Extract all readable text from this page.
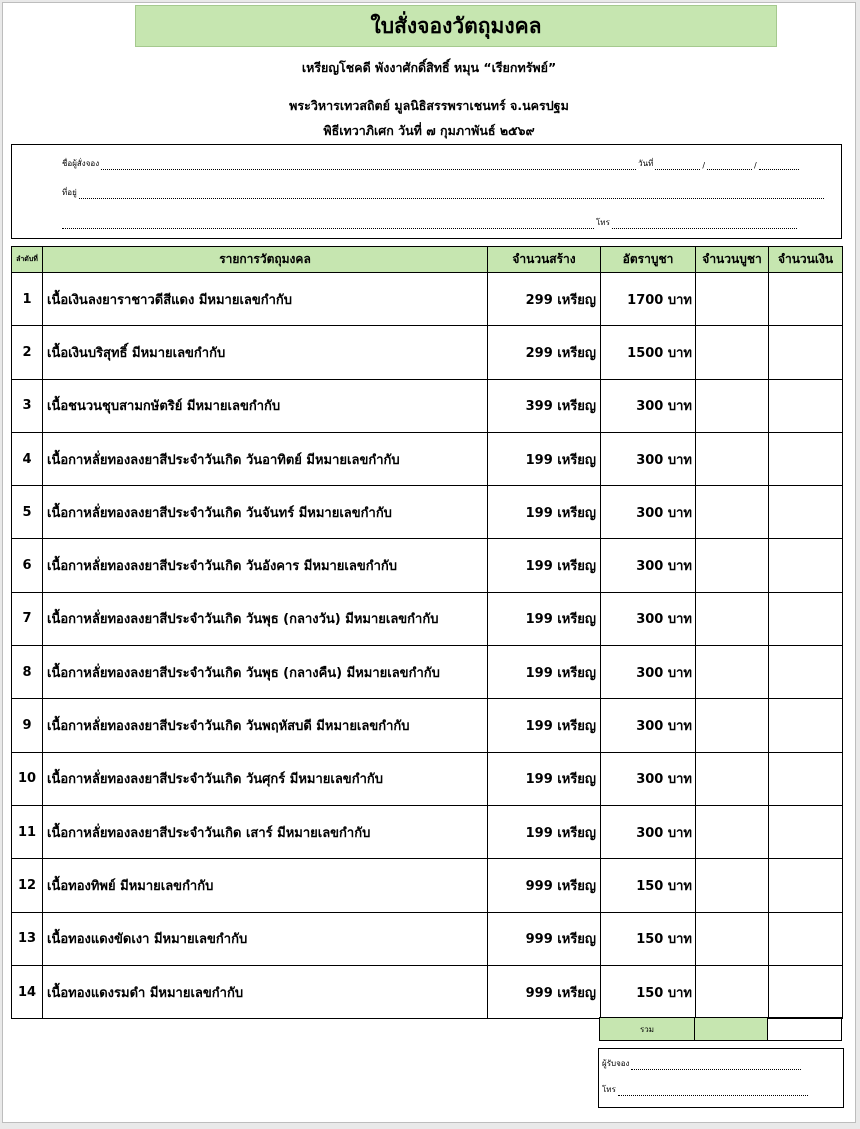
ใบสั่งจองวัตถุมงคล
เหรียญโชคดี พังงาศักดิ์สิทธิ์ หมุน “เรียกทรัพย์”
พระวิหารเทวสถิตย์ มูลนิธิสรรพราเชนทร์ จ.นครปฐม
พิธีเทวาภิเศก วันที่ ๗ กุมภาพันธ์ ๒๕๖๙
ชื่อผู้สั่งจอง	วันที่	/	/
ที่อยู่
โทร
ลำดับที่	รายการวัตถุมงคล	จำนวนสร้าง	อัตราบูชา	จำนวนบูชา	จำนวนเงิน
1	เนื้อเงินลงยาราชาวดีสีแดง มีหมายเลขกำกับ	299 เหรียญ	1700 บาท		
2	เนื้อเงินบริสุทธิ์ มีหมายเลขกำกับ	299 เหรียญ	1500 บาท		
3	เนื้อชนวนชุบสามกษัตริย์ มีหมายเลขกำกับ	399 เหรียญ	300 บาท		
4	เนื้อกาหลั่ยทองลงยาสีประจำวันเกิด วันอาทิตย์ มีหมายเลขกำกับ	199 เหรียญ	300 บาท		
5	เนื้อกาหลั่ยทองลงยาสีประจำวันเกิด วันจันทร์ มีหมายเลขกำกับ	199 เหรียญ	300 บาท		
6	เนื้อกาหลั่ยทองลงยาสีประจำวันเกิด วันอังคาร มีหมายเลขกำกับ	199 เหรียญ	300 บาท		
7	เนื้อกาหลั่ยทองลงยาสีประจำวันเกิด วันพุธ (กลางวัน) มีหมายเลขกำกับ	199 เหรียญ	300 บาท		
8	เนื้อกาหลั่ยทองลงยาสีประจำวันเกิด วันพุธ (กลางคืน) มีหมายเลขกำกับ	199 เหรียญ	300 บาท		
9	เนื้อกาหลั่ยทองลงยาสีประจำวันเกิด วันพฤหัสบดี มีหมายเลขกำกับ	199 เหรียญ	300 บาท		
10	เนื้อกาหลั่ยทองลงยาสีประจำวันเกิด วันศุกร์ มีหมายเลขกำกับ	199 เหรียญ	300 บาท		
11	เนื้อกาหลั่ยทองลงยาสีประจำวันเกิด เสาร์ มีหมายเลขกำกับ	199 เหรียญ	300 บาท		
12	เนื้อทองทิพย์ มีหมายเลขกำกับ	999 เหรียญ	150 บาท		
13	เนื้อทองแดงขัดเงา มีหมายเลขกำกับ	999 เหรียญ	150 บาท		
14	เนื้อทองแดงรมดำ มีหมายเลขกำกับ	999 เหรียญ	150 บาท		
รวม		
ผู้รับจอง
โทร
